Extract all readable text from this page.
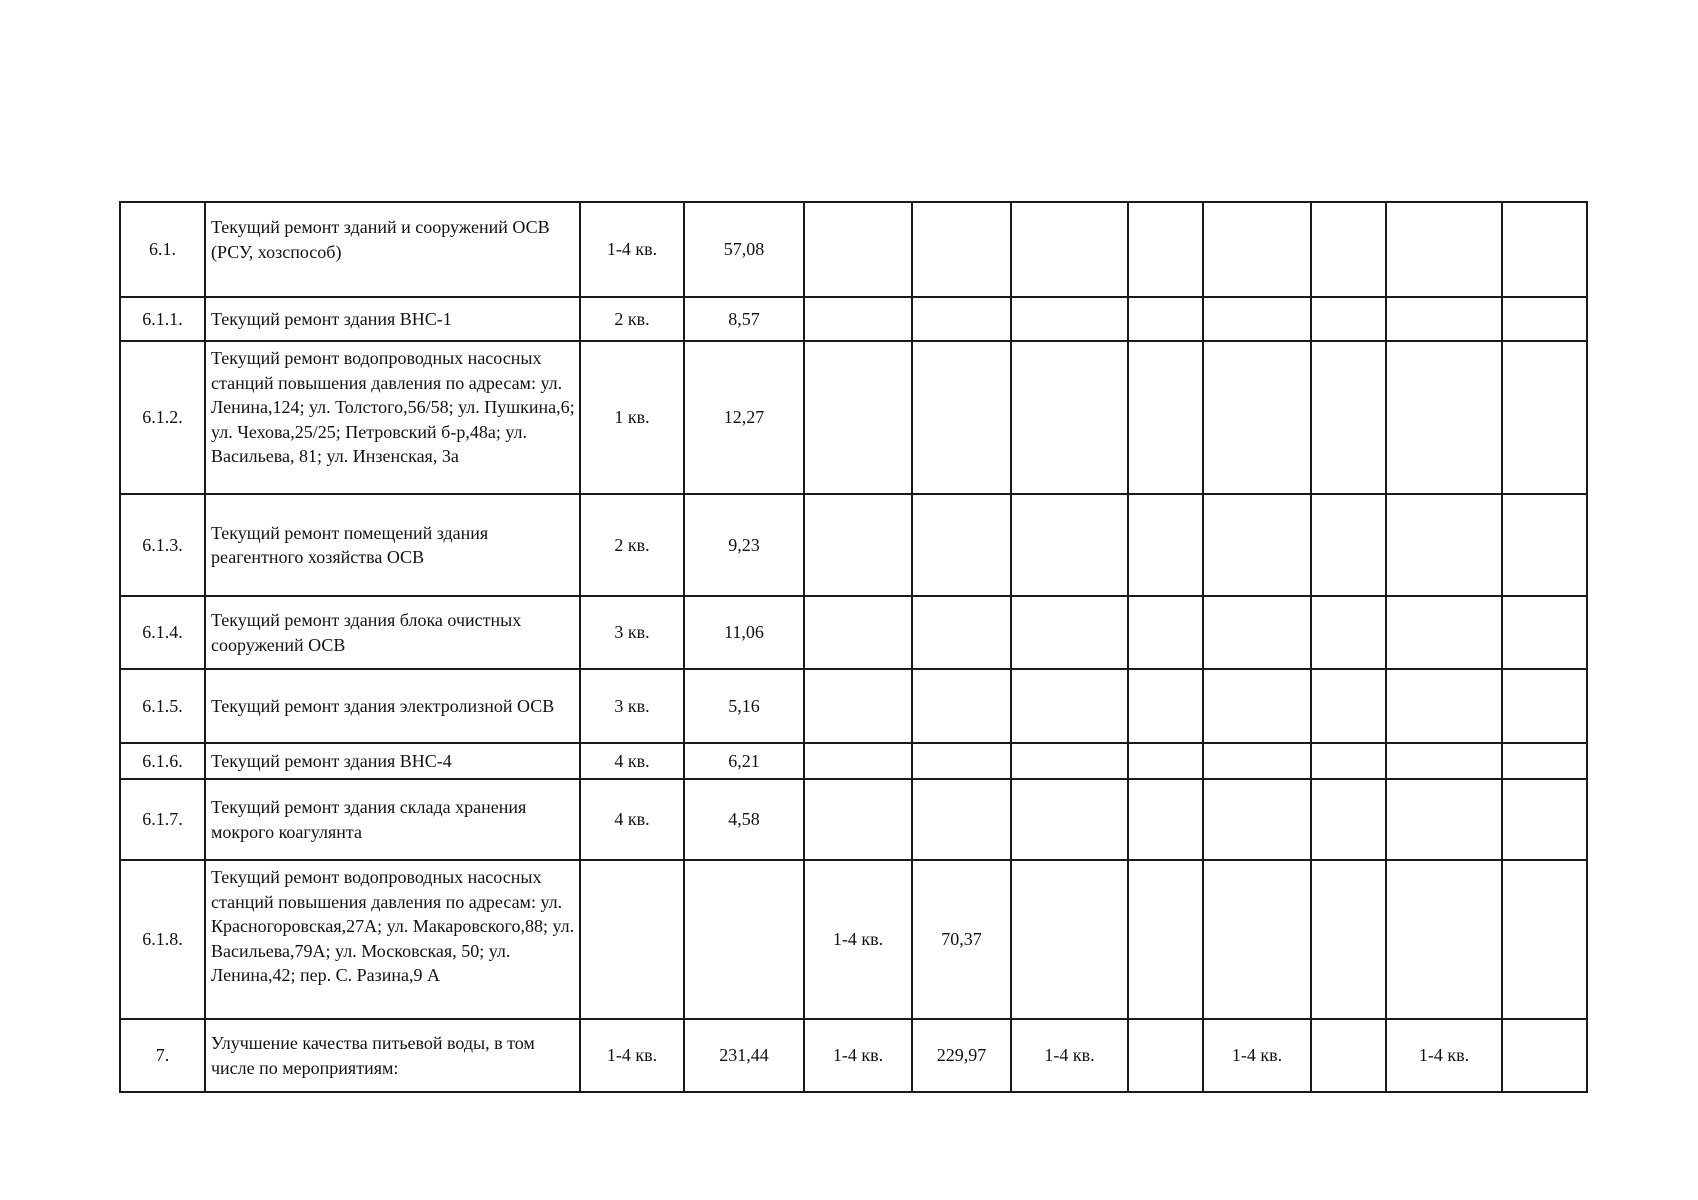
6.1.	Текущий ремонт зданий и сооружений ОСВ (РСУ, хозспособ)	1-4 кв.	57,08								
6.1.1.	Текущий ремонт здания ВНС-1	2 кв.	8,57								
6.1.2.	Текущий ремонт водопроводных насосных станций повышения давления по адресам: ул. Ленина,124; ул. Толстого,56/58; ул. Пушкина,6; ул. Чехова,25/25; Петровский б-р,48а; ул. Васильева, 81; ул. Инзенская, 3а	1 кв.	12,27								
6.1.3.	Текущий ремонт помещений здания реагентного хозяйства ОСВ	2 кв.	9,23								
6.1.4.	Текущий ремонт здания блока очистных сооружений ОСВ	3 кв.	11,06								
6.1.5.	Текущий ремонт здания электролизной ОСВ	3 кв.	5,16								
6.1.6.	Текущий ремонт здания ВНС-4	4 кв.	6,21								
6.1.7.	Текущий ремонт здания склада хранения мокрого коагулянта	4 кв.	4,58								
6.1.8.	Текущий ремонт водопроводных насосных станций повышения давления по адресам: ул. Красногоровская,27А; ул. Макаровского,88; ул. Васильева,79А; ул. Московская, 50; ул. Ленина,42; пер. С. Разина,9 А			1-4 кв.	70,37						
7.	Улучшение качества питьевой воды, в том числе по мероприятиям:	1-4 кв.	231,44	1-4 кв.	229,97	1-4 кв.		1-4 кв.		1-4 кв.	
